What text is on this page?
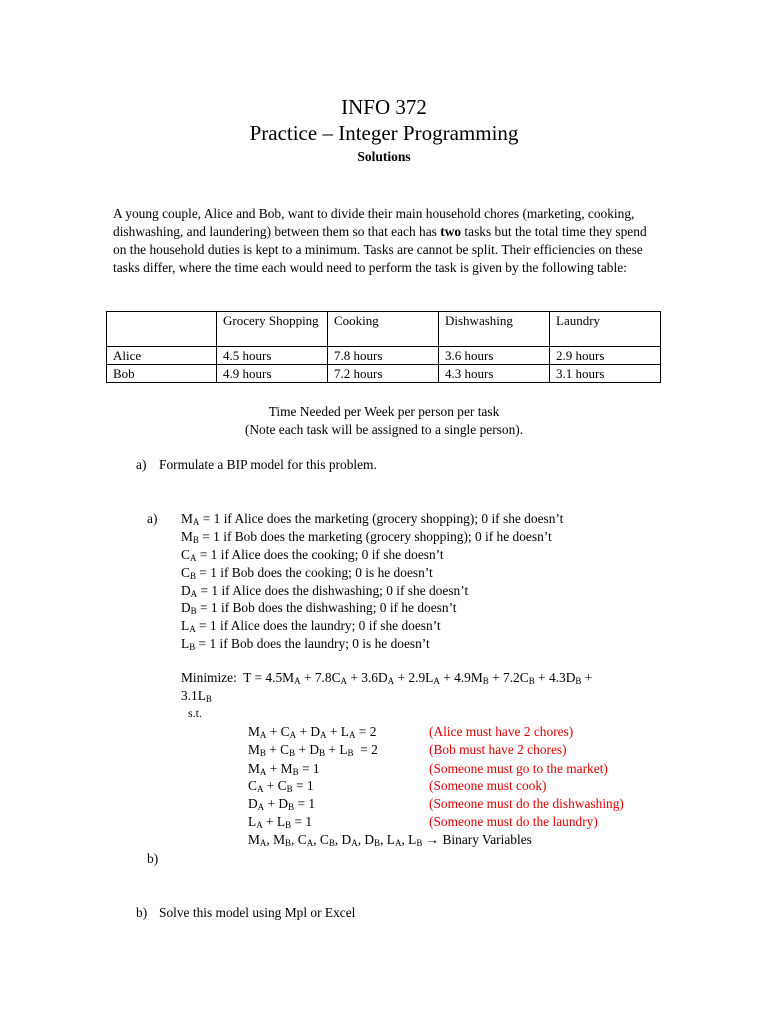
INFO 372
Practice – Integer Programming
Solutions
A young couple, Alice and Bob, want to divide their main household chores (marketing, cooking, dishwashing, and laundering) between them so that each has two tasks but the total time they spend on the household duties is kept to a minimum. Tasks are cannot be split. Their efficiencies on these tasks differ, where the time each would need to perform the task is given by the following table:
	Grocery Shopping	Cooking	Dishwashing	Laundry
Alice	4.5 hours	7.8 hours	3.6 hours	2.9 hours
Bob	4.9 hours	7.2 hours	4.3 hours	3.1 hours
Time Needed per Week per person per task
(Note each task will be assigned to a single person).
a) Formulate a BIP model for this problem.
a) $M_A = 1$ if Alice does the marketing (grocery shopping); 0 if she doesn’t
$M_B = 1$ if Bob does the marketing (grocery shopping); 0 if he doesn’t
$C_A = 1$ if Alice does the cooking; 0 if she doesn’t
$C_B = 1$ if Bob does the cooking; 0 is he doesn’t
$D_A = 1$ if Alice does the dishwashing; 0 if she doesn’t
$D_B = 1$ if Bob does the dishwashing; 0 if he doesn’t
$L_A = 1$ if Alice does the laundry; 0 if she doesn’t
$L_B = 1$ if Bob does the laundry; 0 is he doesn’t
Minimize:  $T = 4.5M_A + 7.8C_A + 3.6D_A + 2.9L_A + 4.9M_B + 7.2C_B + 4.3D_B$ +
$3.1L_B$
s.t.
$M_A + C_A + D_A + L_A = 2$	(Alice must have 2 chores)
$M_B + C_B + D_B + L_B = 2$	(Bob must have 2 chores)
$M_A + M_B = 1$	(Someone must go to the market)
$C_A + C_B = 1$	(Someone must cook)
$D_A + D_B = 1$	(Someone must do the dishwashing)
$L_A + L_B = 1$	(Someone must do the laundry)
$M_A$, $M_B$, $C_A$, $C_B$, $D_A$, $D_B$, $L_A$, $L_B$ → Binary Variables
b)
b) Solve this model using Mpl or Excel
